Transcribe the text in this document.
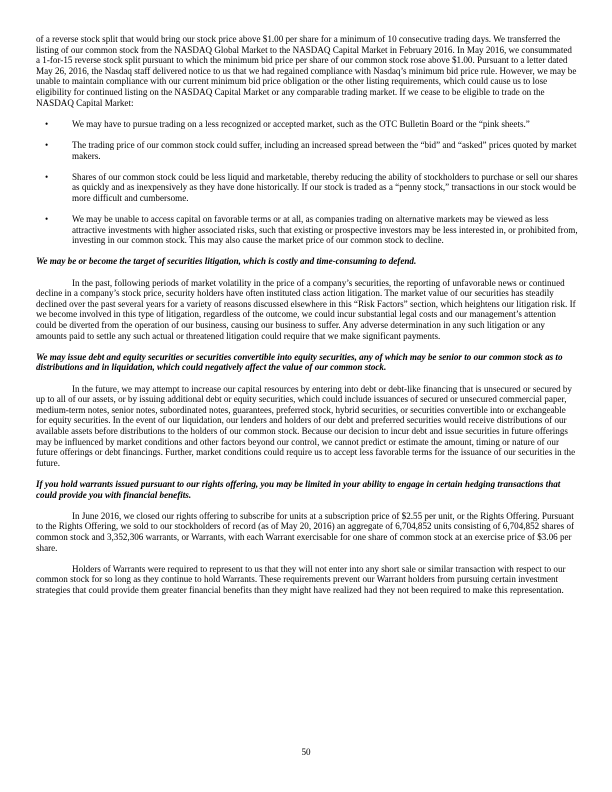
of a reverse stock split that would bring our stock price above $1.00 per share for a minimum of 10 consecutive trading days. We transferred the listing of our common stock from the NASDAQ Global Market to the NASDAQ Capital Market in February 2016. In May 2016, we consummated a 1-for-15 reverse stock split pursuant to which the minimum bid price per share of our common stock rose above $1.00. Pursuant to a letter dated May 26, 2016, the Nasdaq staff delivered notice to us that we had regained compliance with Nasdaq’s minimum bid price rule. However, we may be unable to maintain compliance with our current minimum bid price obligation or the other listing requirements, which could cause us to lose eligibility for continued listing on the NASDAQ Capital Market or any comparable trading market. If we cease to be eligible to trade on the NASDAQ Capital Market:

•	We may have to pursue trading on a less recognized or accepted market, such as the OTC Bulletin Board or the “pink sheets.”
•	The trading price of our common stock could suffer, including an increased spread between the “bid” and “asked” prices quoted by market makers.
•	Shares of our common stock could be less liquid and marketable, thereby reducing the ability of stockholders to purchase or sell our shares as quickly and as inexpensively as they have done historically. If our stock is traded as a “penny stock,” transactions in our stock would be more difficult and cumbersome.
•	We may be unable to access capital on favorable terms or at all, as companies trading on alternative markets may be viewed as less attractive investments with higher associated risks, such that existing or prospective investors may be less interested in, or prohibited from, investing in our common stock. This may also cause the market price of our common stock to decline.

We may be or become the target of securities litigation, which is costly and time-consuming to defend.

In the past, following periods of market volatility in the price of a company’s securities, the reporting of unfavorable news or continued decline in a company’s stock price, security holders have often instituted class action litigation. The market value of our securities has steadily declined over the past several years for a variety of reasons discussed elsewhere in this “Risk Factors” section, which heightens our litigation risk. If we become involved in this type of litigation, regardless of the outcome, we could incur substantial legal costs and our management’s attention could be diverted from the operation of our business, causing our business to suffer. Any adverse determination in any such litigation or any amounts paid to settle any such actual or threatened litigation could require that we make significant payments.

We may issue debt and equity securities or securities convertible into equity securities, any of which may be senior to our common stock as to distributions and in liquidation, which could negatively affect the value of our common stock.

In the future, we may attempt to increase our capital resources by entering into debt or debt-like financing that is unsecured or secured by up to all of our assets, or by issuing additional debt or equity securities, which could include issuances of secured or unsecured commercial paper, medium-term notes, senior notes, subordinated notes, guarantees, preferred stock, hybrid securities, or securities convertible into or exchangeable for equity securities. In the event of our liquidation, our lenders and holders of our debt and preferred securities would receive distributions of our available assets before distributions to the holders of our common stock. Because our decision to incur debt and issue securities in future offerings may be influenced by market conditions and other factors beyond our control, we cannot predict or estimate the amount, timing or nature of our future offerings or debt financings. Further, market conditions could require us to accept less favorable terms for the issuance of our securities in the future.

If you hold warrants issued pursuant to our rights offering, you may be limited in your ability to engage in certain hedging transactions that could provide you with financial benefits.

In June 2016, we closed our rights offering to subscribe for units at a subscription price of $2.55 per unit, or the Rights Offering. Pursuant to the Rights Offering, we sold to our stockholders of record (as of May 20, 2016) an aggregate of 6,704,852 units consisting of 6,704,852 shares of common stock and 3,352,306 warrants, or Warrants, with each Warrant exercisable for one share of common stock at an exercise price of $3.06 per share.

Holders of Warrants were required to represent to us that they will not enter into any short sale or similar transaction with respect to our common stock for so long as they continue to hold Warrants. These requirements prevent our Warrant holders from pursuing certain investment strategies that could provide them greater financial benefits than they might have realized had they not been required to make this representation.

50
